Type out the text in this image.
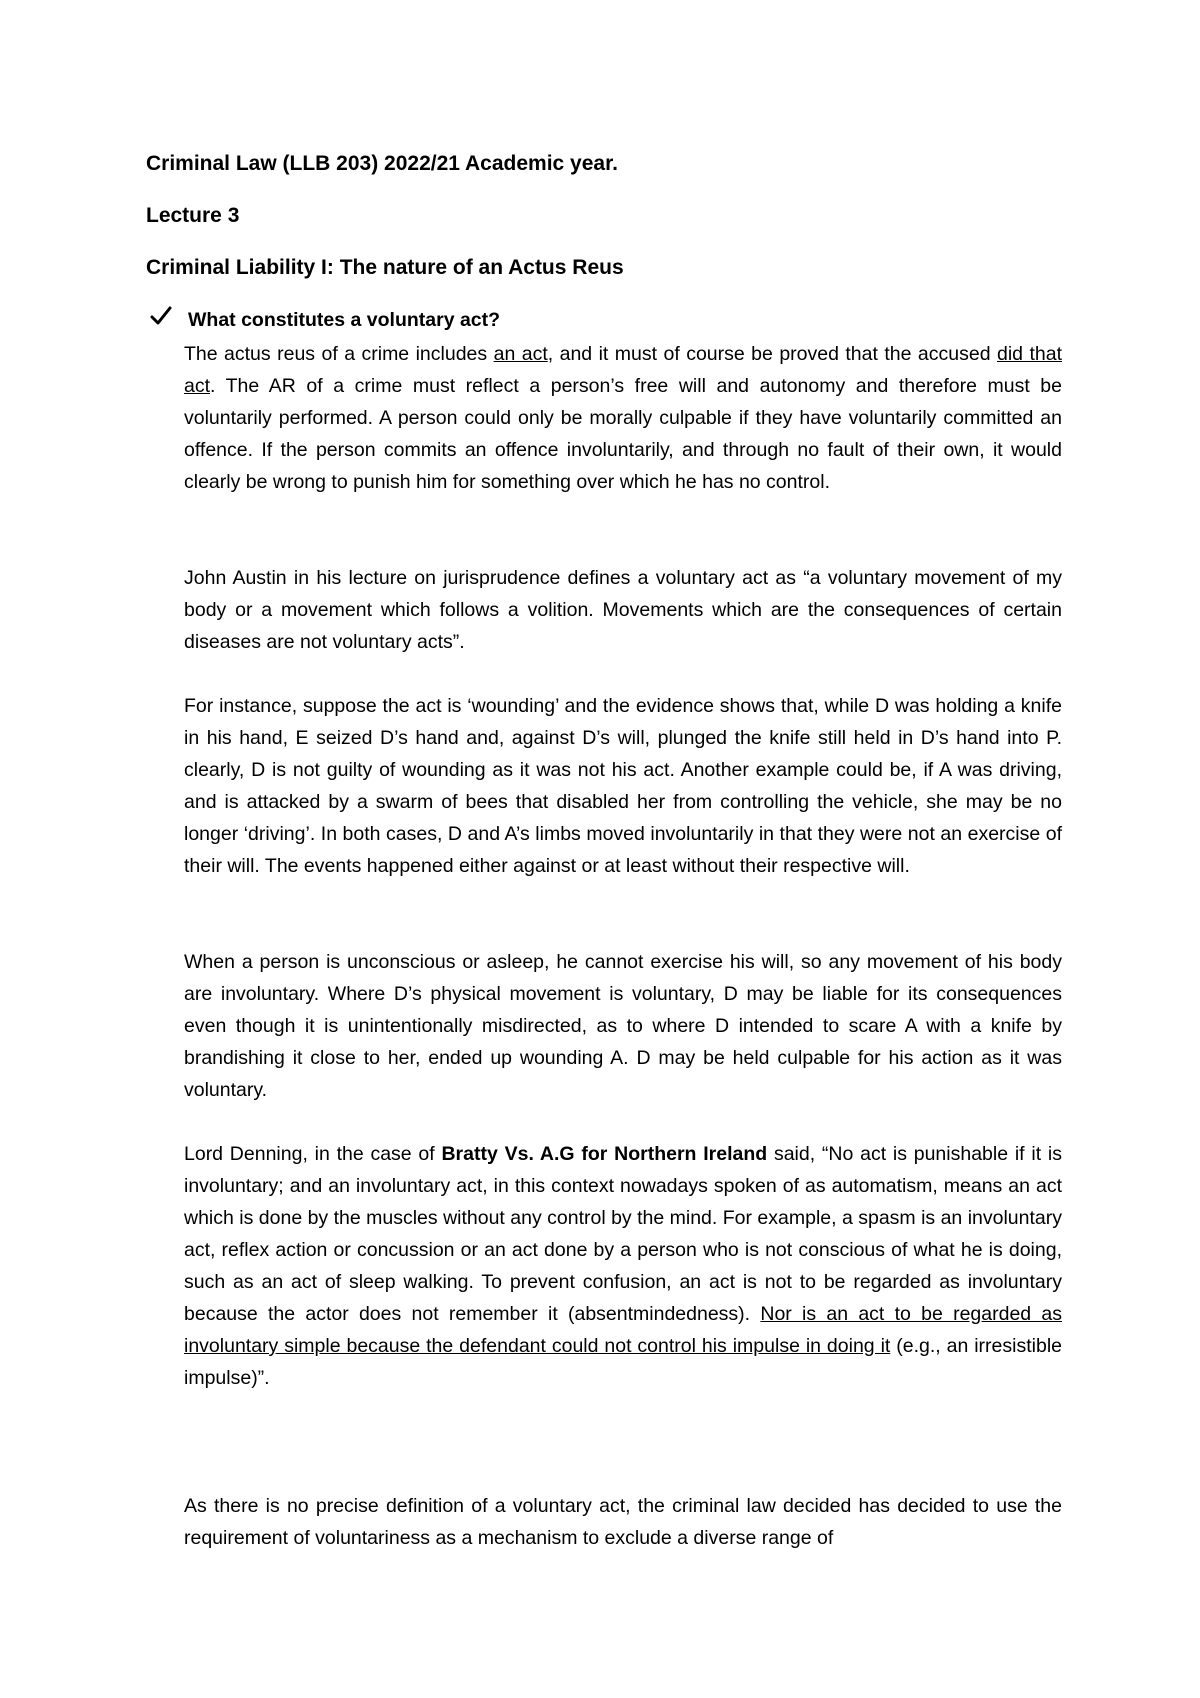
Criminal Law (LLB 203) 2022/21 Academic year.
Lecture 3
Criminal Liability I: The nature of an Actus Reus
What constitutes a voluntary act?

The actus reus of a crime includes an act, and it must of course be proved that the accused did that act. The AR of a crime must reflect a person’s free will and autonomy and therefore must be voluntarily performed. A person could only be morally culpable if they have voluntarily committed an offence. If the person commits an offence involuntarily, and through no fault of their own, it would clearly be wrong to punish him for something over which he has no control.

John Austin in his lecture on jurisprudence defines a voluntary act as “a voluntary movement of my body or a movement which follows a volition. Movements which are the consequences of certain diseases are not voluntary acts”.

For instance, suppose the act is ‘wounding’ and the evidence shows that, while D was holding a knife in his hand, E seized D’s hand and, against D’s will, plunged the knife still held in D’s hand into P. clearly, D is not guilty of wounding as it was not his act. Another example could be, if A was driving, and is attacked by a swarm of bees that disabled her from controlling the vehicle, she may be no longer ‘driving’. In both cases, D and A’s limbs moved involuntarily in that they were not an exercise of their will. The events happened either against or at least without their respective will.

When a person is unconscious or asleep, he cannot exercise his will, so any movement of his body are involuntary. Where D’s physical movement is voluntary, D may be liable for its consequences even though it is unintentionally misdirected, as to where D intended to scare A with a knife by brandishing it close to her, ended up wounding A. D may be held culpable for his action as it was voluntary.

Lord Denning, in the case of Bratty Vs. A.G for Northern Ireland said, “No act is punishable if it is involuntary; and an involuntary act, in this context nowadays spoken of as automatism, means an act which is done by the muscles without any control by the mind. For example, a spasm is an involuntary act, reflex action or concussion or an act done by a person who is not conscious of what he is doing, such as an act of sleep walking. To prevent confusion, an act is not to be regarded as involuntary because the actor does not remember it (absentmindedness). Nor is an act to be regarded as involuntary simple because the defendant could not control his impulse in doing it (e.g., an irresistible impulse)”.

As there is no precise definition of a voluntary act, the criminal law decided has decided to use the requirement of voluntariness as a mechanism to exclude a diverse range of
